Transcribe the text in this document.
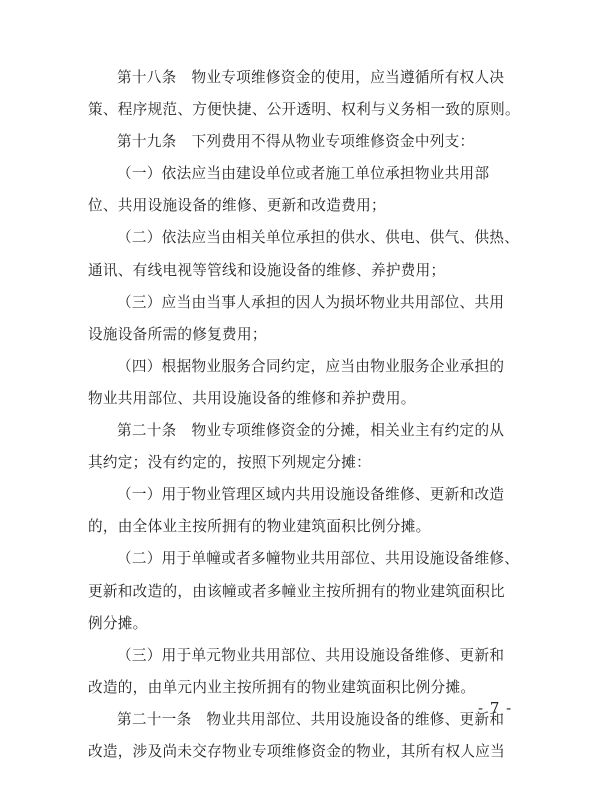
第十八条　物业专项维修资金的使用，应当遵循所有权人决
策、程序规范、方便快捷、公开透明、权利与义务相一致的原则。
第十九条　下列费用不得从物业专项维修资金中列支：
（一）依法应当由建设单位或者施工单位承担物业共用部
位、共用设施设备的维修、更新和改造费用；
（二）依法应当由相关单位承担的供水、供电、供气、供热、
通讯、有线电视等管线和设施设备的维修、养护费用；
（三）应当由当事人承担的因人为损坏物业共用部位、共用
设施设备所需的修复费用；
（四）根据物业服务合同约定，应当由物业服务企业承担的
物业共用部位、共用设施设备的维修和养护费用。
第二十条　物业专项维修资金的分摊，相关业主有约定的从
其约定；没有约定的，按照下列规定分摊：
（一）用于物业管理区域内共用设施设备维修、更新和改造
的，由全体业主按所拥有的物业建筑面积比例分摊。
（二）用于单幢或者多幢物业共用部位、共用设施设备维修、
更新和改造的，由该幢或者多幢业主按所拥有的物业建筑面积比
例分摊。
（三）用于单元物业共用部位、共用设施设备维修、更新和
改造的，由单元内业主按所拥有的物业建筑面积比例分摊。
第二十一条　物业共用部位、共用设施设备的维修、更新和
改造，涉及尚未交存物业专项维修资金的物业，其所有权人应当
- 7 -
